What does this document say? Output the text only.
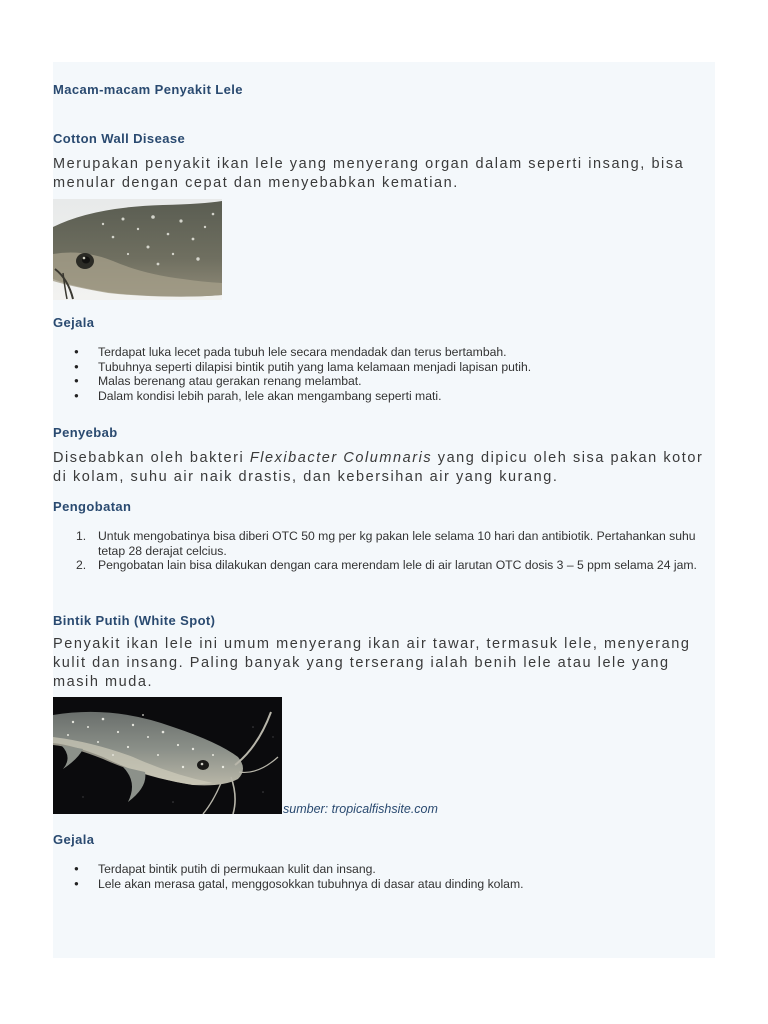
Macam-macam Penyakit Lele
Cotton Wall Disease
Merupakan penyakit ikan lele yang menyerang organ dalam seperti insang, bisa menular dengan cepat dan menyebabkan kematian.
Gejala
● Terdapat luka lecet pada tubuh lele secara mendadak dan terus bertambah.
● Tubuhnya seperti dilapisi bintik putih yang lama kelamaan menjadi lapisan putih.
● Malas berenang atau gerakan renang melambat.
● Dalam kondisi lebih parah, lele akan mengambang seperti mati.
Penyebab
Disebabkan oleh bakteri Flexibacter Columnaris yang dipicu oleh sisa pakan kotor di kolam, suhu air naik drastis, dan kebersihan air yang kurang.
Pengobatan
1. Untuk mengobatinya bisa diberi OTC 50 mg per kg pakan lele selama 10 hari dan antibiotik. Pertahankan suhu tetap 28 derajat celcius.
2. Pengobatan lain bisa dilakukan dengan cara merendam lele di air larutan OTC dosis 3 – 5 ppm selama 24 jam.
Bintik Putih (White Spot)
Penyakit ikan lele ini umum menyerang ikan air tawar, termasuk lele, menyerang kulit dan insang. Paling banyak yang terserang ialah benih lele atau lele yang masih muda.
sumber: tropicalfishsite.com
Gejala
● Terdapat bintik putih di permukaan kulit dan insang.
● Lele akan merasa gatal, menggosokkan tubuhnya di dasar atau dinding kolam.
